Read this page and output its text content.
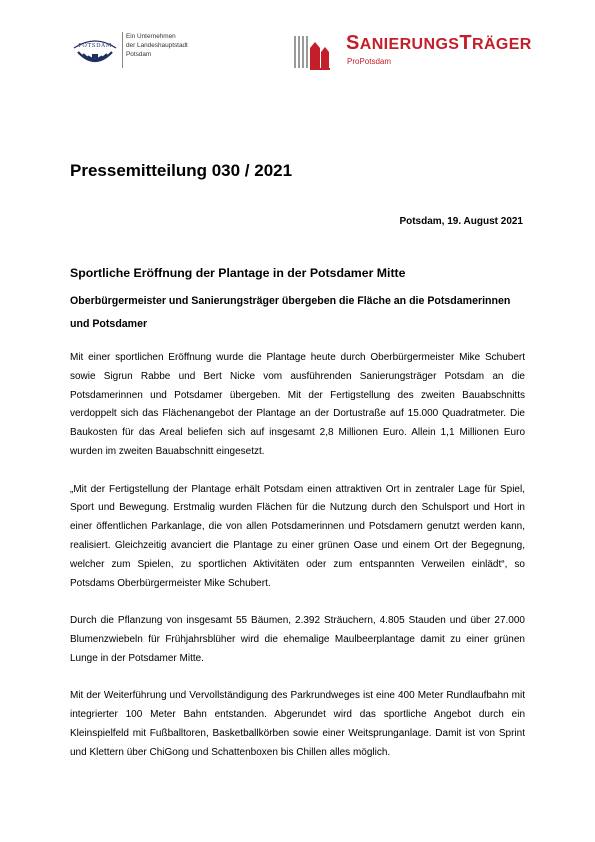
POTSDAM
Ein Unternehmen
der Landeshauptstadt
Potsdam
SANIERUNGSTRÄGER
ProPotsdam
Pressemitteilung 030 / 2021
Potsdam, 19. August 2021
Sportliche Eröffnung der Plantage in der Potsdamer Mitte
Oberbürgermeister und Sanierungsträger übergeben die Fläche an die Potsdamerinnen und Potsdamer

Mit einer sportlichen Eröffnung wurde die Plantage heute durch Oberbürgermeister Mike Schubert sowie Sigrun Rabbe und Bert Nicke vom ausführenden Sanierungsträger Potsdam an die Potsdamerinnen und Potsdamer übergeben. Mit der Fertigstellung des zweiten Bauabschnitts verdoppelt sich das Flächenangebot der Plantage an der Dortustraße auf 15.000 Quadratmeter. Die Baukosten für das Areal beliefen sich auf insgesamt 2,8 Millionen Euro. Allein 1,1 Millionen Euro wurden im zweiten Bauabschnitt eingesetzt.

„Mit der Fertigstellung der Plantage erhält Potsdam einen attraktiven Ort in zentraler Lage für Spiel, Sport und Bewegung. Erstmalig wurden Flächen für die Nutzung durch den Schulsport und Hort in einer öffentlichen Parkanlage, die von allen Potsdamerinnen und Potsdamern genutzt werden kann, realisiert. Gleichzeitig avanciert die Plantage zu einer grünen Oase und einem Ort der Begegnung, welcher zum Spielen, zu sportlichen Aktivitäten oder zum entspannten Verweilen einlädt“, so Potsdams Oberbürgermeister Mike Schubert.

Durch die Pflanzung von insgesamt 55 Bäumen, 2.392 Sträuchern, 4.805 Stauden und über 27.000 Blumenzwiebeln für Frühjahrsblüher wird die ehemalige Maulbeerplantage damit zu einer grünen Lunge in der Potsdamer Mitte.

Mit der Weiterführung und Vervollständigung des Parkrundweges ist eine 400 Meter Rundlaufbahn mit integrierter 100 Meter Bahn entstanden. Abgerundet wird das sportliche Angebot durch ein Kleinspielfeld mit Fußballtoren, Basketballkörben sowie einer Weitsprunganlage. Damit ist von Sprint und Klettern über ChiGong und Schattenboxen bis Chillen alles möglich.
